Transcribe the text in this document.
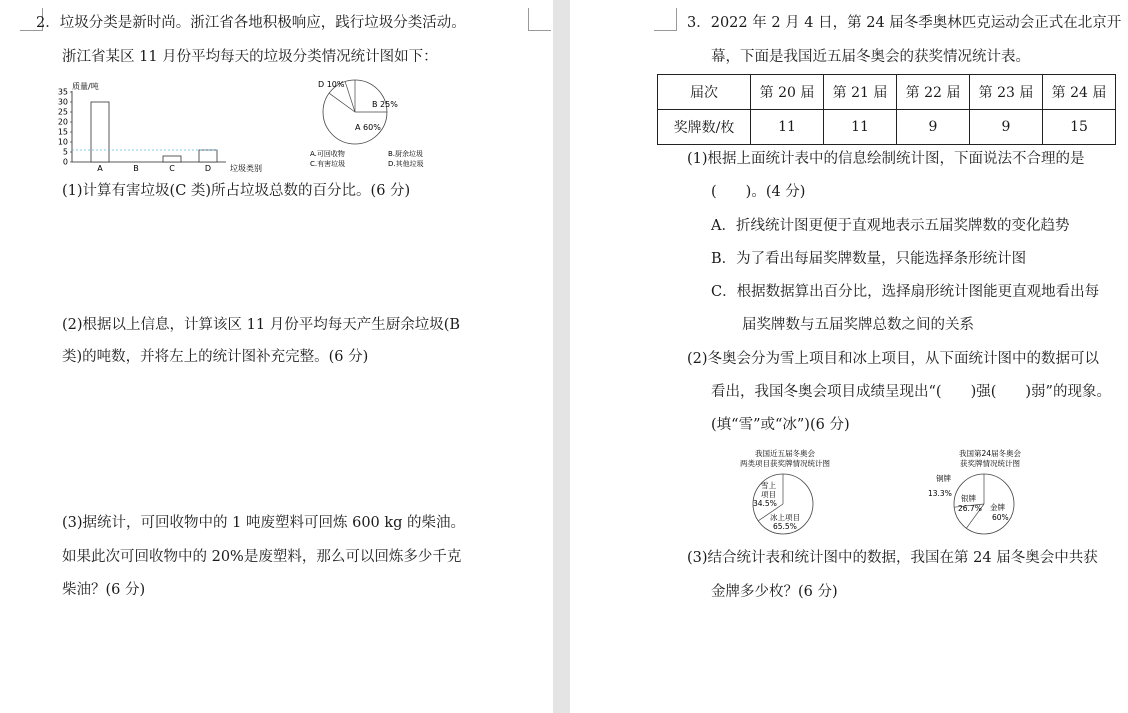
2．垃圾分类是新时尚。浙江省各地积极响应，践行垃圾分类活动。
浙江省某区 11 月份平均每天的垃圾分类情况统计图如下：
质量/吨
0
5
10
15
20
25
30
35
A	B	C	D 垃圾类别
D 10%
B 25%
A 60%
A.可回收物	B.厨余垃圾
C.有害垃圾	D.其他垃圾
(1)计算有害垃圾(C 类)所占垃圾总数的百分比。(6 分)
(2)根据以上信息，计算该区 11 月份平均每天产生厨余垃圾(B
类)的吨数，并将左上的统计图补充完整。(6 分)
(3)据统计，可回收物中的 1 吨废塑料可回炼 600 kg 的柴油。
如果此次可回收物中的 20%是废塑料，那么可以回炼多少千克
柴油？(6 分)
3．2022 年 2 月 4 日，第 24 届冬季奥林匹克运动会正式在北京开
幕，下面是我国近五届冬奥会的获奖情况统计表。
届次	第 20 届	第 21 届	第 22 届	第 23 届	第 24 届
奖牌数/枚	11	11	9	9	15
(1)根据上面统计表中的信息绘制统计图，下面说法不合理的是
(　　)。(4 分)
A．折线统计图更便于直观地表示五届奖牌数的变化趋势
B．为了看出每届奖牌数量，只能选择条形统计图
C．根据数据算出百分比，选择扇形统计图能更直观地看出每
届奖牌数与五届奖牌总数之间的关系
(2)冬奥会分为雪上项目和冰上项目，从下面统计图中的数据可以
看出，我国冬奥会项目成绩呈现出“(　　)强(　　)弱”的现象。
(填“雪”或“冰”)(6 分)
我国近五届冬奥会
两类项目获奖牌情况统计图
雪上
项目
34.5%
冰上项目
65.5%
我国第24届冬奥会
获奖牌情况统计图
铜牌
13.3%
银牌
26.7% 金牌
60%
(3)结合统计表和统计图中的数据，我国在第 24 届冬奥会中共获
金牌多少枚？(6 分)
